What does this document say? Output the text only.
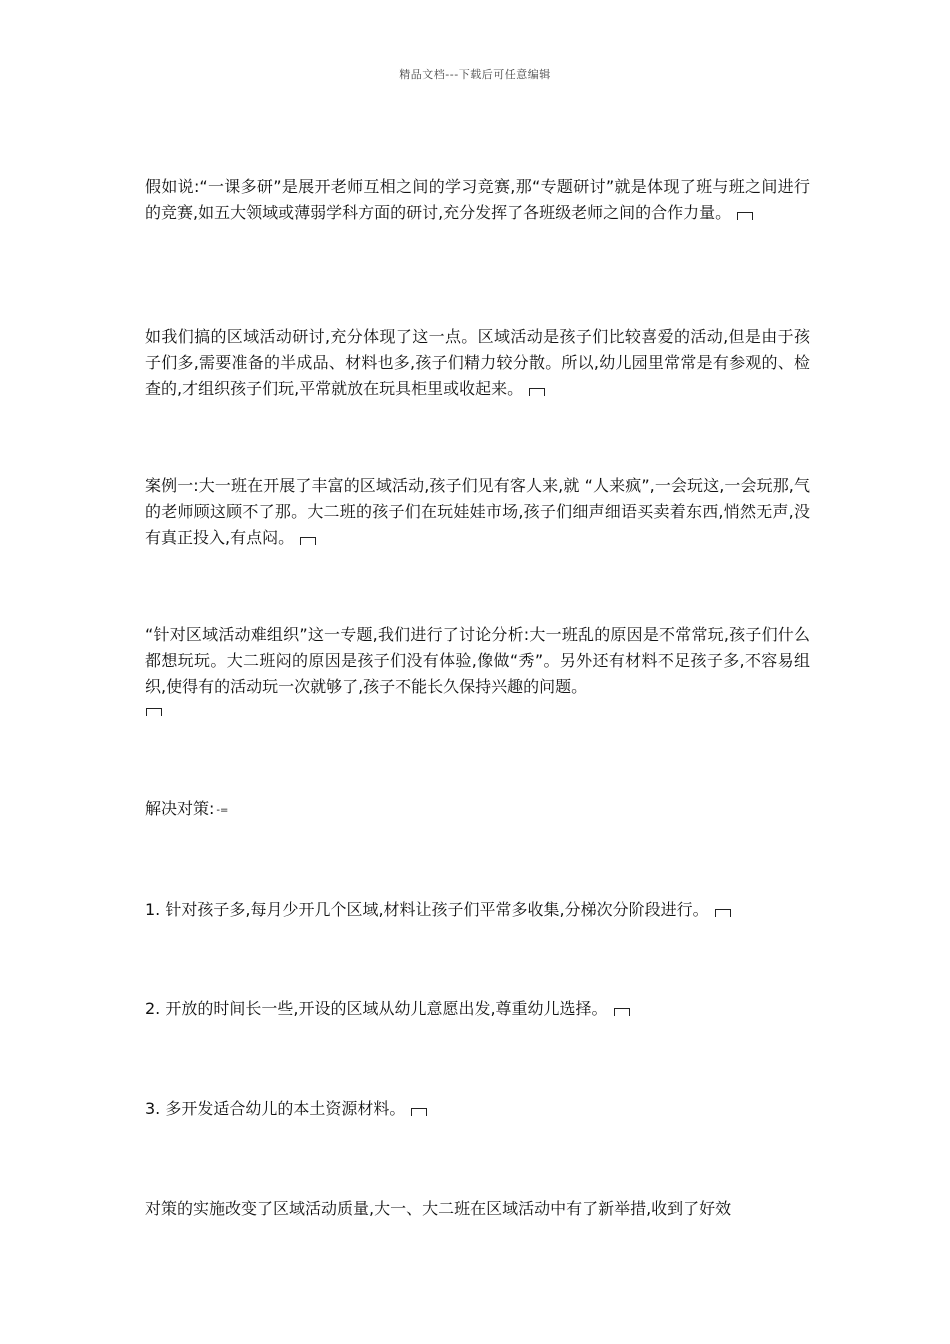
精品文档---下载后可任意编辑

假如说:“一课多研”是展开老师互相之间的学习竞赛,那“专题研讨”就是体现了班与班之间进行的竞赛,如五大领域或薄弱学科方面的研讨,充分发挥了各班级老师之间的合作力量。

如我们搞的区域活动研讨,充分体现了这一点。区域活动是孩子们比较喜爱的活动,但是由于孩子们多,需要准备的半成品、材料也多,孩子们精力较分散。所以,幼儿园里常常是有参观的、检查的,才组织孩子们玩,平常就放在玩具柜里或收起来。

案例一:大一班在开展了丰富的区域活动,孩子们见有客人来,就 “人来疯”,一会玩这,一会玩那,气的老师顾这顾不了那。大二班的孩子们在玩娃娃市场,孩子们细声细语买卖着东西,悄然无声,没有真正投入,有点闷。

“针对区域活动难组织”这一专题,我们进行了讨论分析:大一班乱的原因是不常常玩,孩子们什么都想玩玩。大二班闷的原因是孩子们没有体验,像做“秀”。另外还有材料不足孩子多,不容易组织,使得有的活动玩一次就够了,孩子不能长久保持兴趣的问题。

解决对策: -=

1. 针对孩子多,每月少开几个区域,材料让孩子们平常多收集,分梯次分阶段进行。

2. 开放的时间长一些,开设的区域从幼儿意愿出发,尊重幼儿选择。

3. 多开发适合幼儿的本土资源材料。

对策的实施改变了区域活动质量,大一、大二班在区域活动中有了新举措,收到了好效
